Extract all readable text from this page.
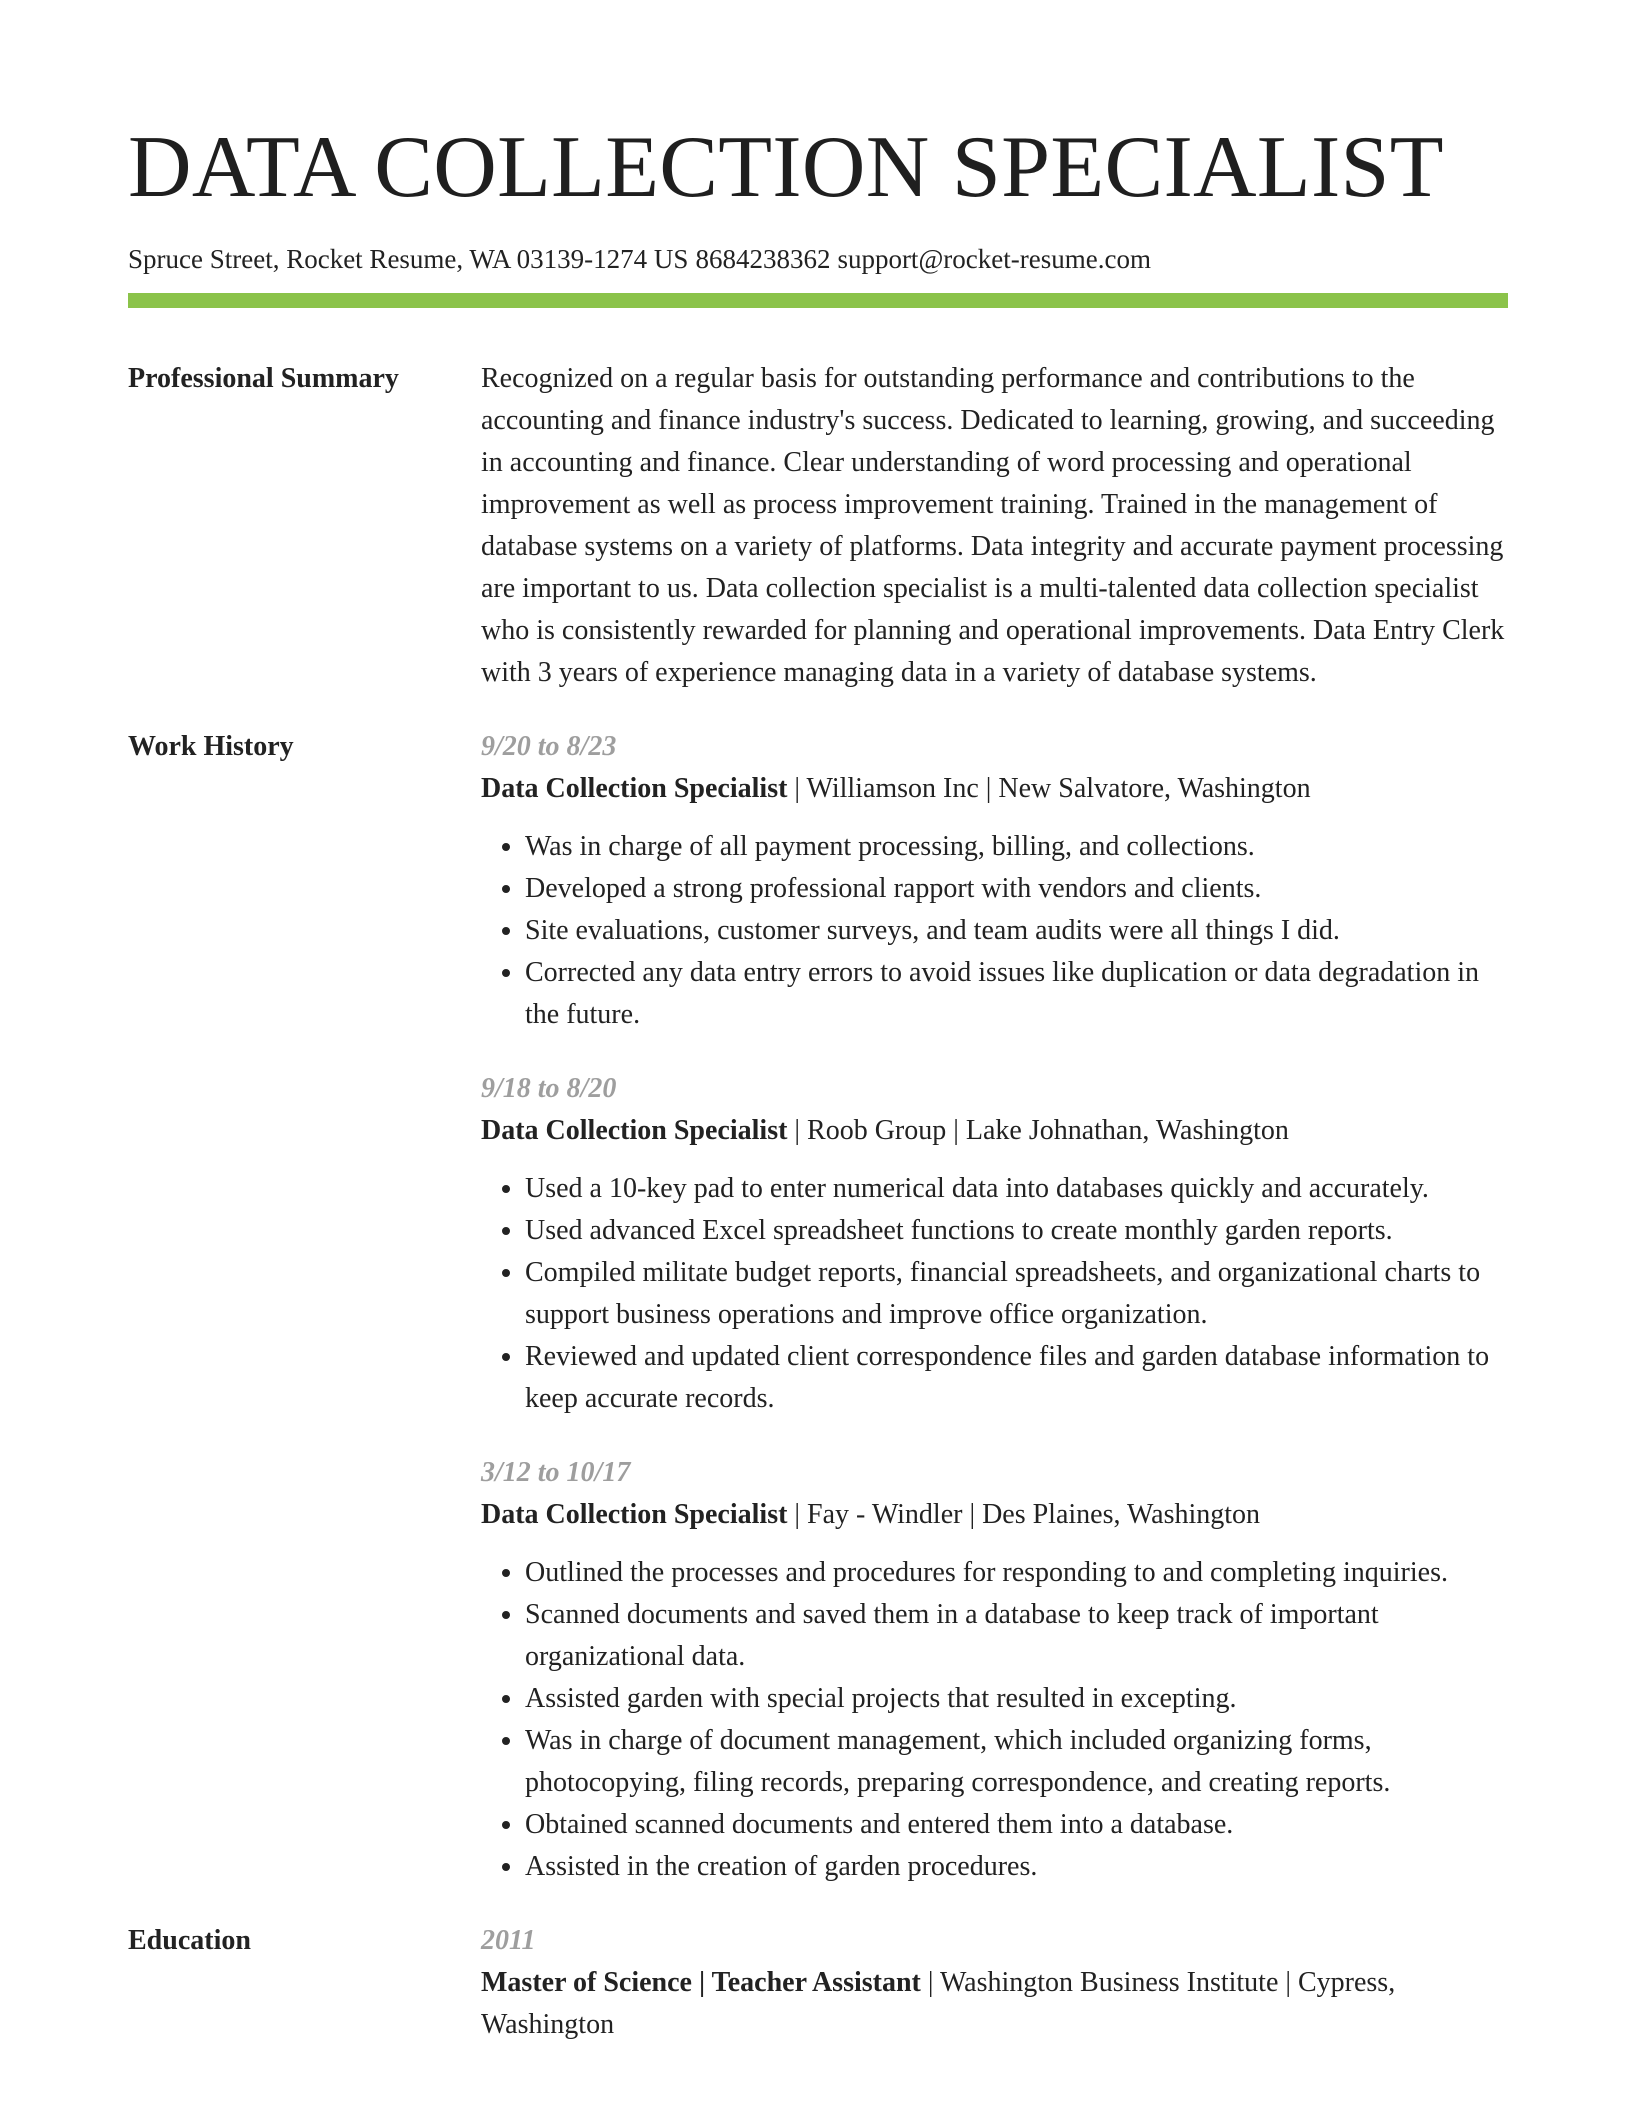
DATA COLLECTION SPECIALIST
Spruce Street, Rocket Resume, WA 03139-1274 US 8684238362 support@rocket-resume.com
Professional Summary	Recognized on a regular basis for outstanding performance and contributions to the accounting and finance industry's success. Dedicated to learning, growing, and succeeding in accounting and finance. Clear understanding of word processing and operational improvement as well as process improvement training. Trained in the management of database systems on a variety of platforms. Data integrity and accurate payment processing are important to us. Data collection specialist is a multi-talented data collection specialist who is consistently rewarded for planning and operational improvements. Data Entry Clerk with 3 years of experience managing data in a variety of database systems.
Work History	9/20 to 8/23
Data Collection Specialist | Williamson Inc | New Salvatore, Washington
• Was in charge of all payment processing, billing, and collections.
• Developed a strong professional rapport with vendors and clients.
• Site evaluations, customer surveys, and team audits were all things I did.
• Corrected any data entry errors to avoid issues like duplication or data degradation in the future.
9/18 to 8/20
Data Collection Specialist | Roob Group | Lake Johnathan, Washington
• Used a 10-key pad to enter numerical data into databases quickly and accurately.
• Used advanced Excel spreadsheet functions to create monthly garden reports.
• Compiled militate budget reports, financial spreadsheets, and organizational charts to support business operations and improve office organization.
• Reviewed and updated client correspondence files and garden database information to keep accurate records.
3/12 to 10/17
Data Collection Specialist | Fay - Windler | Des Plaines, Washington
• Outlined the processes and procedures for responding to and completing inquiries.
• Scanned documents and saved them in a database to keep track of important organizational data.
• Assisted garden with special projects that resulted in excepting.
• Was in charge of document management, which included organizing forms, photocopying, filing records, preparing correspondence, and creating reports.
• Obtained scanned documents and entered them into a database.
• Assisted in the creation of garden procedures.
Education	2011
Master of Science | Teacher Assistant | Washington Business Institute | Cypress, Washington
